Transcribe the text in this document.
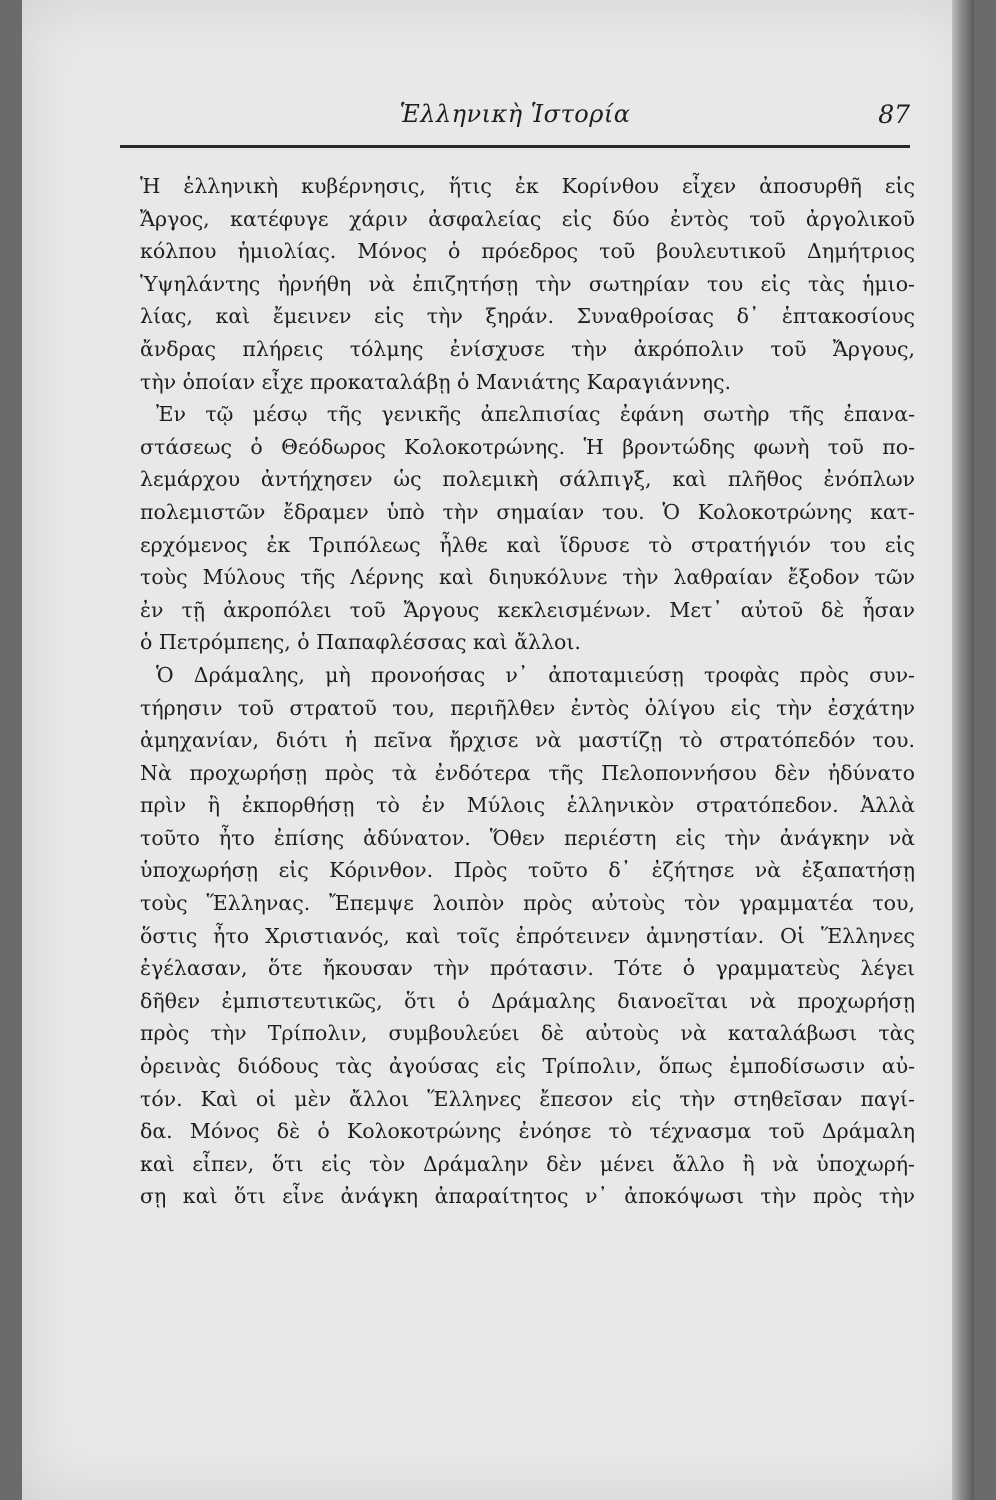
Ἑλληνικὴ Ἱστορία	87
Ἡ ἑλληνικὴ κυβέρνησις, ἥτις ἐκ Κορίνθου εἶχεν ἀποσυρθῆ εἰς
Ἄργος, κατέφυγε χάριν ἀσφαλείας εἰς δύο ἐντὸς τοῦ ἀργολικοῦ
κόλπου ἡμιολίας. Μόνος ὁ πρόεδρος τοῦ βουλευτικοῦ Δημήτριος
Ὑψηλάντης ἠρνήθη νὰ ἐπιζητήσῃ τὴν σωτηρίαν του εἰς τὰς ἡμιο-
λίας, καὶ ἔμεινεν εἰς τὴν ξηράν. Συναθροίσας δ᾽ ἑπτακοσίους
ἄνδρας πλήρεις τόλμης ἐνίσχυσε τὴν ἀκρόπολιν τοῦ Ἄργους,
τὴν ὁποίαν εἶχε προκαταλάβῃ ὁ Μανιάτης Καραγιάννης.
Ἐν τῷ μέσῳ τῆς γενικῆς ἀπελπισίας ἐφάνη σωτὴρ τῆς ἐπανα-
στάσεως ὁ Θεόδωρος Κολοκοτρώνης. Ἡ βροντώδης φωνὴ τοῦ πο-
λεμάρχου ἀντήχησεν ὡς πολεμικὴ σάλπιγξ, καὶ πλῆθος ἐνόπλων
πολεμιστῶν ἔδραμεν ὑπὸ τὴν σημαίαν του. Ὁ Κολοκοτρώνης κατ-
ερχόμενος ἐκ Τριπόλεως ἦλθε καὶ ἵδρυσε τὸ στρατήγιόν του εἰς
τοὺς Μύλους τῆς Λέρνης καὶ διηυκόλυνε τὴν λαθραίαν ἔξοδον τῶν
ἐν τῇ ἀκροπόλει τοῦ Ἄργους κεκλεισμένων. Μετ᾽ αὐτοῦ δὲ ἦσαν
ὁ Πετρόμπεης, ὁ Παπαφλέσσας καὶ ἄλλοι.
Ὁ Δράμαλης, μὴ προνοήσας ν᾽ ἀποταμιεύσῃ τροφὰς πρὸς συν-
τήρησιν τοῦ στρατοῦ του, περιῆλθεν ἐντὸς ὀλίγου εἰς τὴν ἐσχάτην
ἀμηχανίαν, διότι ἡ πεῖνα ἤρχισε νὰ μαστίζῃ τὸ στρατόπεδόν του.
Νὰ προχωρήσῃ πρὸς τὰ ἐνδότερα τῆς Πελοποννήσου δὲν ἠδύνατο
πρὶν ἢ ἐκπορθήσῃ τὸ ἐν Μύλοις ἑλληνικὸν στρατόπεδον. Ἀλλὰ
τοῦτο ἦτο ἐπίσης ἀδύνατον. Ὅθεν περιέστη εἰς τὴν ἀνάγκην νὰ
ὑποχωρήσῃ εἰς Κόρινθον. Πρὸς τοῦτο δ᾽ ἐζήτησε νὰ ἐξαπατήσῃ
τοὺς Ἕλληνας. Ἔπεμψε λοιπὸν πρὸς αὐτοὺς τὸν γραμματέα του,
ὅστις ἦτο Χριστιανός, καὶ τοῖς ἐπρότεινεν ἀμνηστίαν. Οἱ Ἕλληνες
ἐγέλασαν, ὅτε ἤκουσαν τὴν πρότασιν. Τότε ὁ γραμματεὺς λέγει
δῆθεν ἐμπιστευτικῶς, ὅτι ὁ Δράμαλης διανοεῖται νὰ προχωρήσῃ
πρὸς τὴν Τρίπολιν, συμβουλεύει δὲ αὐτοὺς νὰ καταλάβωσι τὰς
ὀρεινὰς διόδους τὰς ἀγούσας εἰς Τρίπολιν, ὅπως ἐμποδίσωσιν αὐ-
τόν. Καὶ οἱ μὲν ἄλλοι Ἕλληνες ἔπεσον εἰς τὴν στηθεῖσαν παγί-
δα. Μόνος δὲ ὁ Κολοκοτρώνης ἐνόησε τὸ τέχνασμα τοῦ Δράμαλη
καὶ εἶπεν, ὅτι εἰς τὸν Δράμαλην δὲν μένει ἄλλο ἢ νὰ ὑποχωρή-
σῃ καὶ ὅτι εἶνε ἀνάγκη ἀπαραίτητος ν᾽ ἀποκόψωσι τὴν πρὸς τὴν
